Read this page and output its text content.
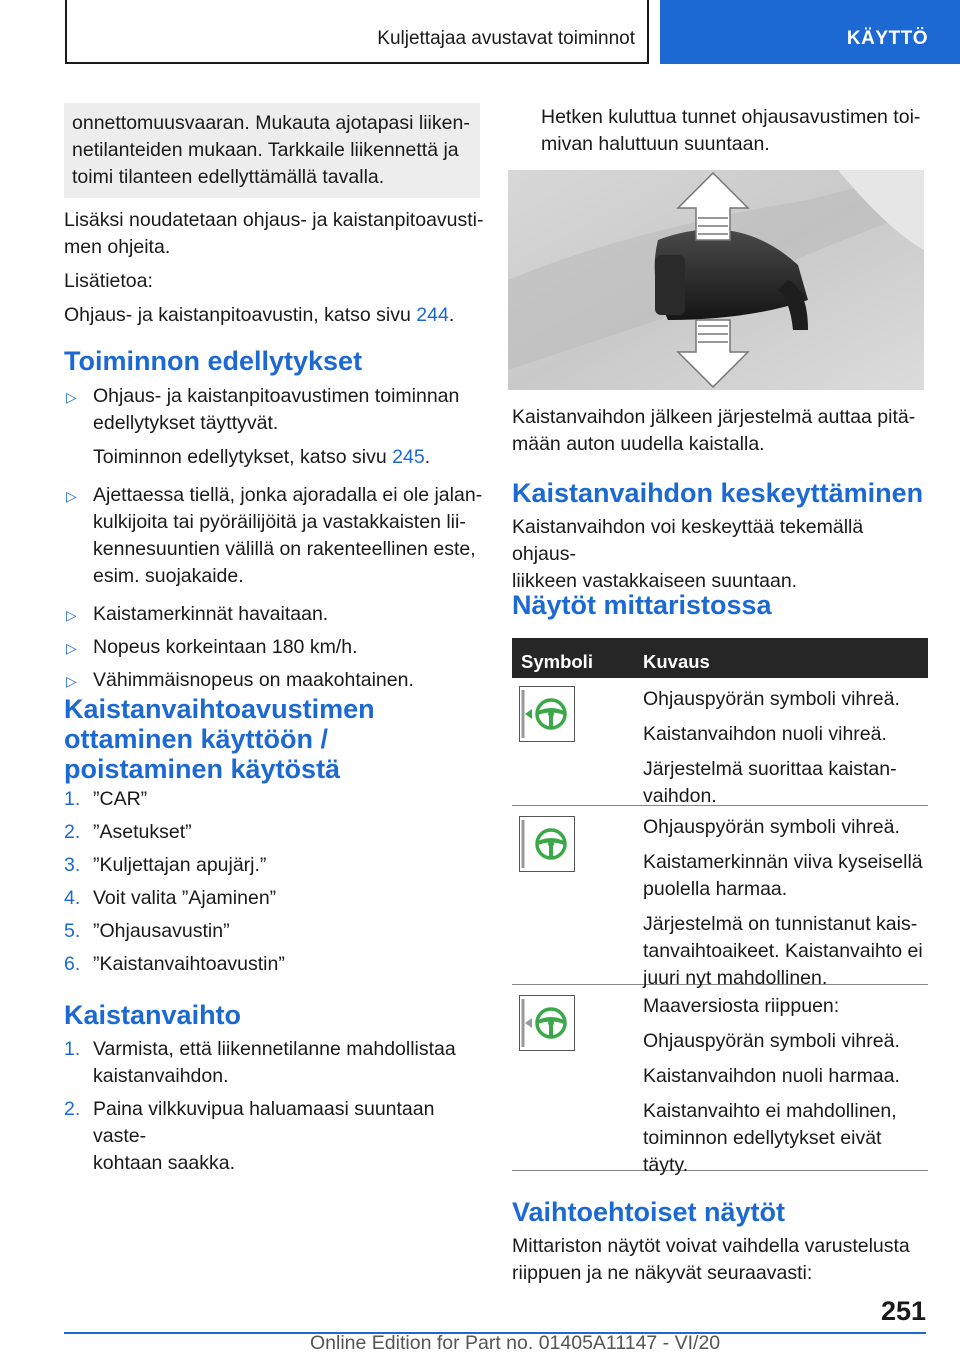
Kuljettajaa avustavat toiminnot	KÄYTTÖ
onnettomuusvaaran. Mukauta ajotapasi liiken-
netilanteiden mukaan. Tarkkaile liikennettä ja
toimi tilanteen edellyttämällä tavalla.
Lisäksi noudatetaan ohjaus- ja kaistanpitoavusti-
men ohjeita.
Lisätietoa:
Ohjaus- ja kaistanpitoavustin, katso sivu 244.
Toiminnon edellytykset
▷ Ohjaus- ja kaistanpitoavustimen toiminnan
edellytykset täyttyvät.
Toiminnon edellytykset, katso sivu 245.
▷ Ajettaessa tiellä, jonka ajoradalla ei ole jalan-
kulkijoita tai pyöräilijöitä ja vastakkaisten lii-
kennesuuntien välillä on rakenteellinen este,
esim. suojakaide.
▷ Kaistamerkinnät havaitaan.
▷ Nopeus korkeintaan 180 km/h.
▷ Vähimmäisnopeus on maakohtainen.
Kaistanvaihtoavustimen
ottaminen käyttöön /
poistaminen käytöstä
1. ”CAR”
2. ”Asetukset”
3. ”Kuljettajan apujärj.”
4. Voit valita ”Ajaminen”
5. ”Ohjausavustin”
6. ”Kaistanvaihtoavustin”
Kaistanvaihto
1. Varmista, että liikennetilanne mahdollistaa
kaistanvaihdon.
2. Paina vilkkuvipua haluamaasi suuntaan vaste-
kohtaan saakka.
Hetken kuluttua tunnet ohjausavustimen toi-
mivan haluttuun suuntaan.
Kaistanvaihdon jälkeen järjestelmä auttaa pitä-
mään auton uudella kaistalla.
Kaistanvaihdon keskeyttäminen
Kaistanvaihdon voi keskeyttää tekemällä ohjaus-
liikkeen vastakkaiseen suuntaan.
Näytöt mittaristossa
Symboli	Kuvaus

Ohjauspyörän symboli vihreä.

Kaistanvaihdon nuoli vihreä.

Järjestelmä suorittaa kaistan-
vaihdon.

Ohjauspyörän symboli vihreä.

Kaistamerkinnän viiva kyseisellä
puolella harmaa.

Järjestelmä on tunnistanut kais-
tanvaihtoaikeet. Kaistanvaihto ei
juuri nyt mahdollinen.

Maaversiosta riippuen:

Ohjauspyörän symboli vihreä.

Kaistanvaihdon nuoli harmaa.

Kaistanvaihto ei mahdollinen,
toiminnon edellytykset eivät
täyty.

Vaihtoehtoiset näytöt
Mittariston näytöt voivat vaihdella varustelusta
riippuen ja ne näkyvät seuraavasti:
251
Online Edition for Part no. 01405A11147 - VI/20
